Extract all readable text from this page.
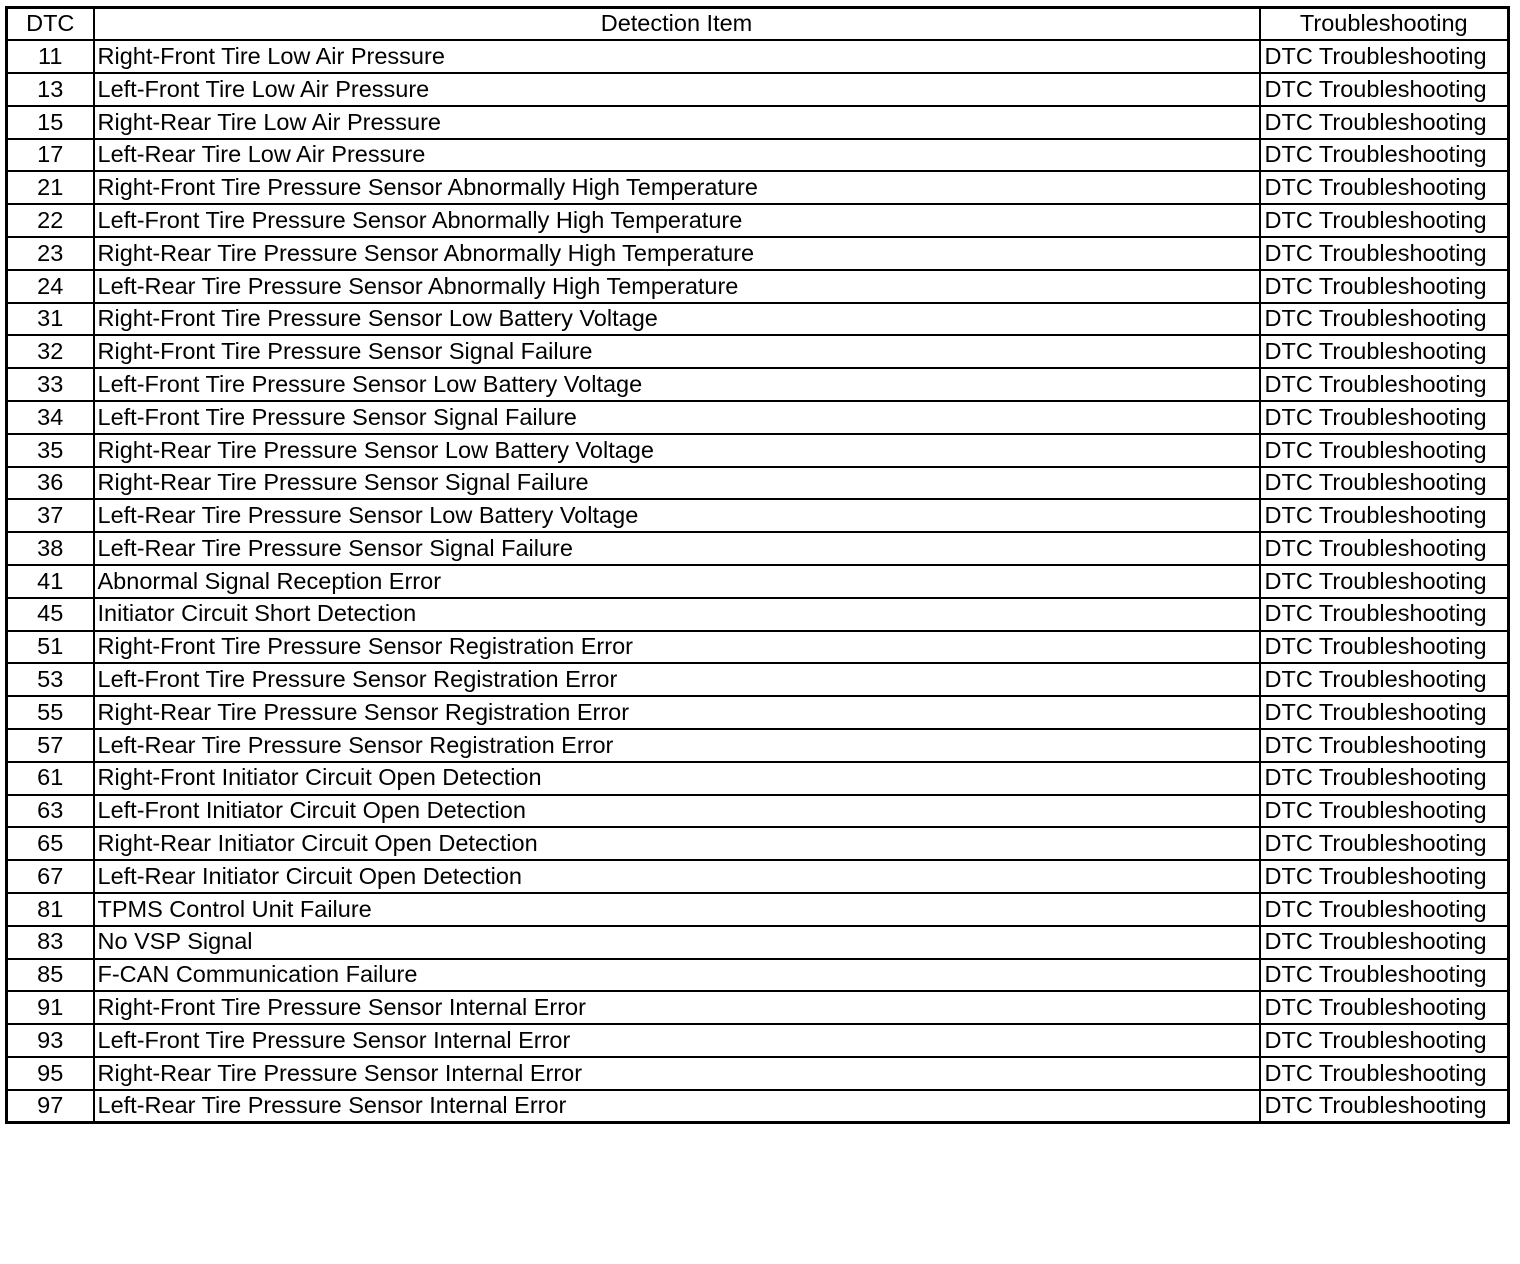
DTC	Detection Item	Troubleshooting
11	Right-Front Tire Low Air Pressure	DTC Troubleshooting
13	Left-Front Tire Low Air Pressure	DTC Troubleshooting
15	Right-Rear Tire Low Air Pressure	DTC Troubleshooting
17	Left-Rear Tire Low Air Pressure	DTC Troubleshooting
21	Right-Front Tire Pressure Sensor Abnormally High Temperature	DTC Troubleshooting
22	Left-Front Tire Pressure Sensor Abnormally High Temperature	DTC Troubleshooting
23	Right-Rear Tire Pressure Sensor Abnormally High Temperature	DTC Troubleshooting
24	Left-Rear Tire Pressure Sensor Abnormally High Temperature	DTC Troubleshooting
31	Right-Front Tire Pressure Sensor Low Battery Voltage	DTC Troubleshooting
32	Right-Front Tire Pressure Sensor Signal Failure	DTC Troubleshooting
33	Left-Front Tire Pressure Sensor Low Battery Voltage	DTC Troubleshooting
34	Left-Front Tire Pressure Sensor Signal Failure	DTC Troubleshooting
35	Right-Rear Tire Pressure Sensor Low Battery Voltage	DTC Troubleshooting
36	Right-Rear Tire Pressure Sensor Signal Failure	DTC Troubleshooting
37	Left-Rear Tire Pressure Sensor Low Battery Voltage	DTC Troubleshooting
38	Left-Rear Tire Pressure Sensor Signal Failure	DTC Troubleshooting
41	Abnormal Signal Reception Error	DTC Troubleshooting
45	Initiator Circuit Short Detection	DTC Troubleshooting
51	Right-Front Tire Pressure Sensor Registration Error	DTC Troubleshooting
53	Left-Front Tire Pressure Sensor Registration Error	DTC Troubleshooting
55	Right-Rear Tire Pressure Sensor Registration Error	DTC Troubleshooting
57	Left-Rear Tire Pressure Sensor Registration Error	DTC Troubleshooting
61	Right-Front Initiator Circuit Open Detection	DTC Troubleshooting
63	Left-Front Initiator Circuit Open Detection	DTC Troubleshooting
65	Right-Rear Initiator Circuit Open Detection	DTC Troubleshooting
67	Left-Rear Initiator Circuit Open Detection	DTC Troubleshooting
81	TPMS Control Unit Failure	DTC Troubleshooting
83	No VSP Signal	DTC Troubleshooting
85	F-CAN Communication Failure	DTC Troubleshooting
91	Right-Front Tire Pressure Sensor Internal Error	DTC Troubleshooting
93	Left-Front Tire Pressure Sensor Internal Error	DTC Troubleshooting
95	Right-Rear Tire Pressure Sensor Internal Error	DTC Troubleshooting
97	Left-Rear Tire Pressure Sensor Internal Error	DTC Troubleshooting
